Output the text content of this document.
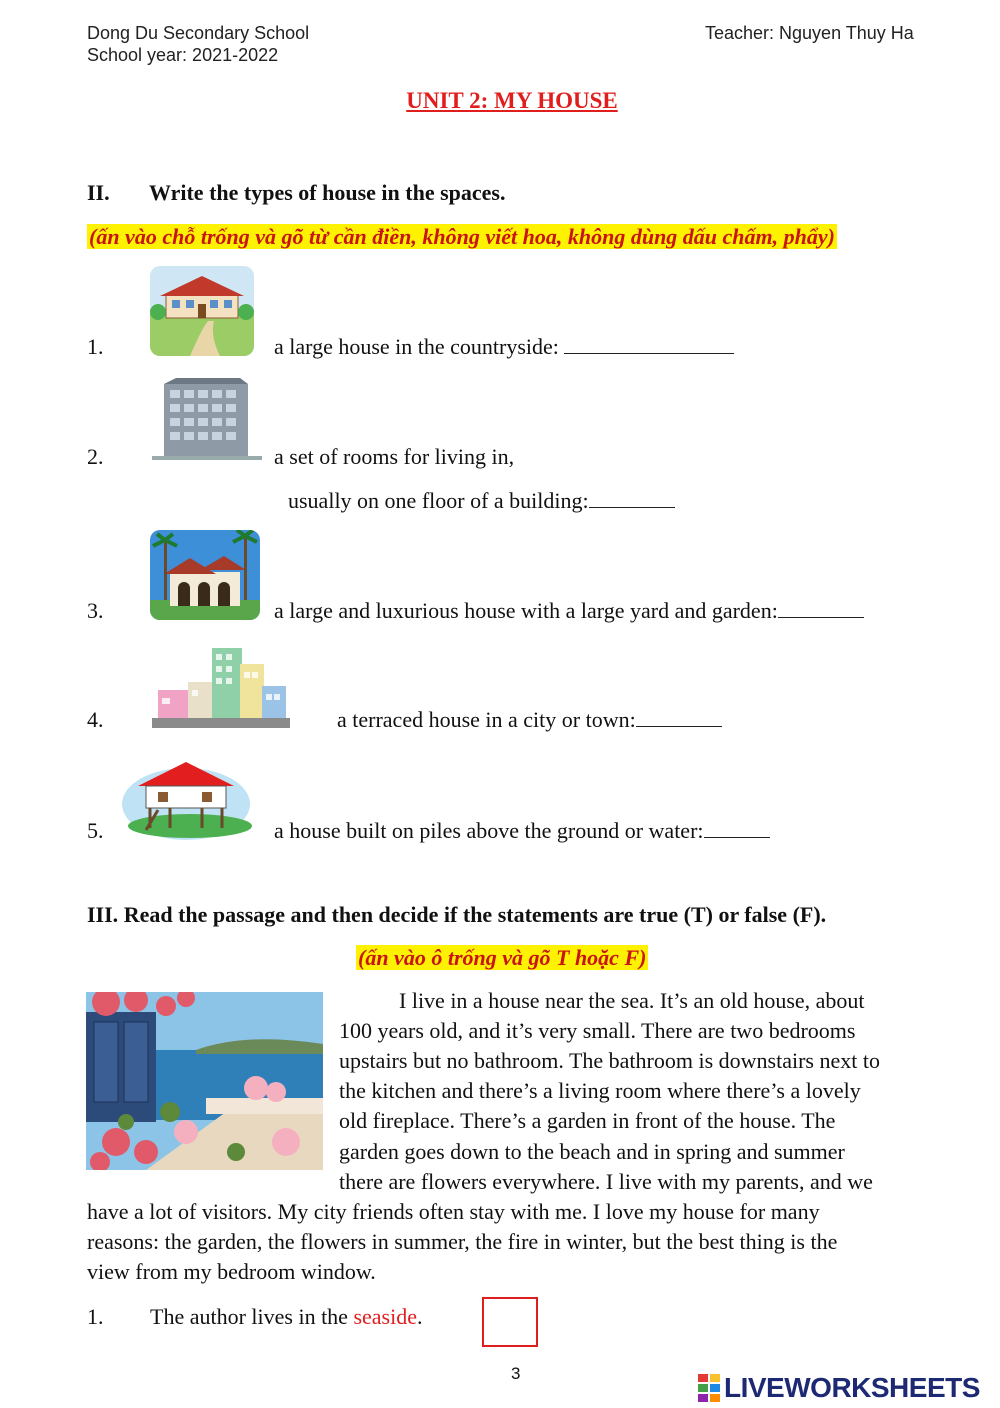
Dong Du Secondary School
School year: 2021-2022
Teacher: Nguyen Thuy Ha
UNIT 2: MY HOUSE
II. Write the types of house in the spaces.
(ấn vào chỗ trống và gõ từ cần điền, không viết hoa, không dùng dấu chấm, phẩy)
1.	a large house in the countryside:
2.	a set of rooms for living in,
usually on one floor of a building:
3.	a large and luxurious house with a large yard and garden:
4.	a terraced house in a city or town:
5.	a house built on piles above the ground or water:
III. Read the passage and then decide if the statements are true (T) or false (F).
(ấn vào ô trống và gõ T hoặc F)
I live in a house near the sea. It’s an old house, about
100 years old, and it’s very small. There are two bedrooms
upstairs but no bathroom. The bathroom is downstairs next to
the kitchen and there’s a living room where there’s a lovely
old fireplace. There’s a garden in front of the house. The
garden goes down to the beach and in spring and summer
there are flowers everywhere. I live with my parents, and we
have a lot of visitors. My city friends often stay with me. I love my house for many
reasons: the garden, the flowers in summer, the fire in winter, but the best thing is the
view from my bedroom window.
1. The author lives in the seaside.
3	LIVEWORKSHEETS
